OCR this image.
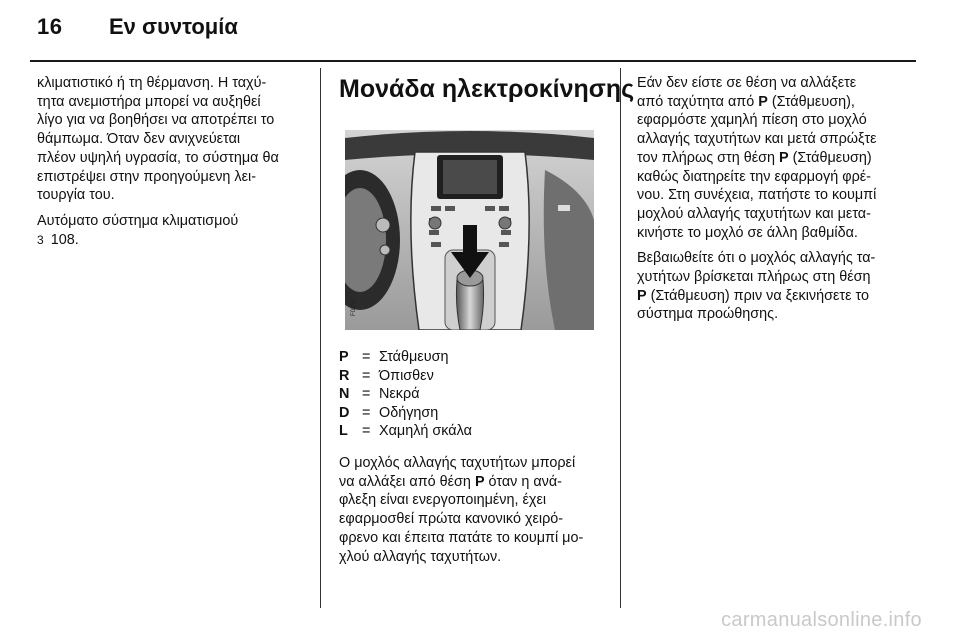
16 Εν συντομία

κλιματιστικό ή τη θέρμανση. Η ταχύ-
τητα ανεμιστήρα μπορεί να αυξηθεί
λίγο για να βοηθήσει να αποτρέπει το
θάμπωμα. Όταν δεν ανιχνεύεται
πλέον υψηλή υγρασία, το σύστημα θα
επιστρέψει στην προηγούμενη λει-
τουργία του.

Αυτόματο σύστημα κλιματισμού
3 108.

Μονάδα ηλεκτροκίνησης
F0219
P = Στάθμευση
R = Όπισθεν
N = Νεκρά
D = Οδήγηση
L = Χαμηλή σκάλα
Ο μοχλός αλλαγής ταχυτήτων μπορεί
να αλλάξει από θέση P όταν η ανά-
φλεξη είναι ενεργοποιημένη, έχει
εφαρμοσθεί πρώτα κανονικό χειρό-
φρενο και έπειτα πατάτε το κουμπί μο-
χλού αλλαγής ταχυτήτων.

Εάν δεν είστε σε θέση να αλλάξετε
από ταχύτητα από P (Στάθμευση),
εφαρμόστε χαμηλή πίεση στο μοχλό
αλλαγής ταχυτήτων και μετά σπρώξτε
τον πλήρως στη θέση P (Στάθμευση)
καθώς διατηρείτε την εφαρμογή φρέ-
νου. Στη συνέχεια, πατήστε το κουμπί
μοχλού αλλαγής ταχυτήτων και μετα-
κινήστε το μοχλό σε άλλη βαθμίδα.

Βεβαιωθείτε ότι ο μοχλός αλλαγής τα-
χυτήτων βρίσκεται πλήρως στη θέση
P (Στάθμευση) πριν να ξεκινήσετε το
σύστημα προώθησης.

carmanualsonline.info
